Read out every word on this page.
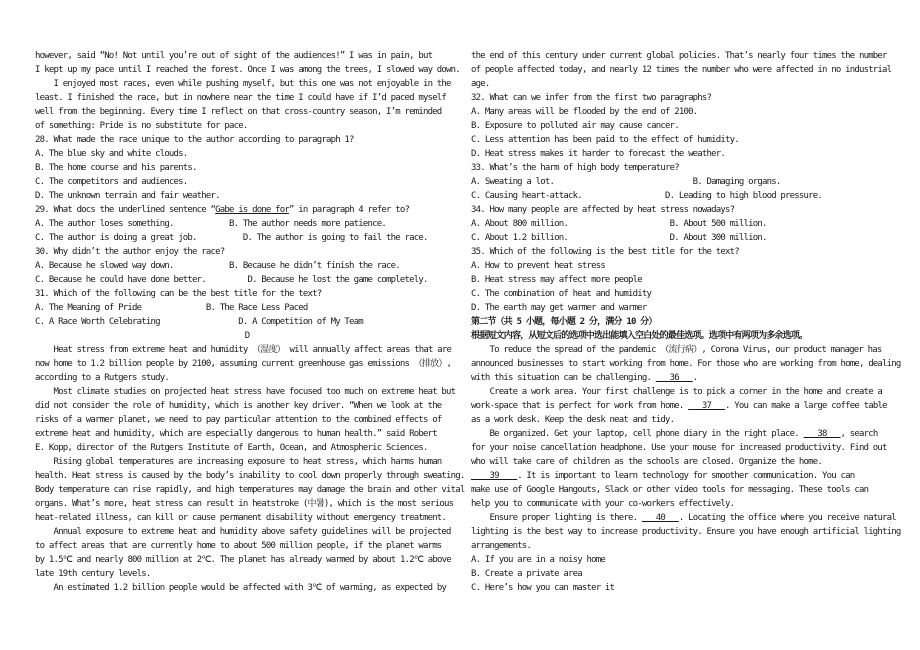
however, said “No! Not until you’re out of sight of the audiences!” I was in pain, but
I kept up my pace until I reached the forest. Once I was among the trees, I slowed way down.
I enjoyed most races, even while pushing myself, but this one was not enjoyable in the
least. I finished the race, but in nowhere near the time I could have if I’d paced myself
well from the beginning. Every time I reflect on that cross-country season, I’m reminded
of something: Pride is no substitute for pace.
28. What made the race unique to the author according to paragraph 1?
A. The blue sky and white clouds.
B. The home course and his parents.
C. The competitors and audiences.
D. The unknown terrain and fair weather.
29. What docs the underlined sentence “Gabe is done for” in paragraph 4 refer to?
A. The author loses something.            B. The author needs more patience.
C. The author is doing a great job.          D. The author is going to fail the race.
30. Why didn’t the author enjoy the race?
A. Because he slowed way down.            B. Because he didn’t finish the race.
C. Because he could have done better.         D. Because he lost the game completely.
31. Which of the following can be the best title for the text?
A. The Meaning of Pride              B. The Race Less Paced
C. A Race Worth Celebrating                 D. A Competition of My Team
D
Heat stress from extreme heat and humidity （湿度） will annually affect areas that are
now home to 1.2 billion people by 2100, assuming current greenhouse gas emissions （排放）,
according to a Rutgers study.
Most climate studies on projected heat stress have focused too much on extreme heat but
did not consider the role of humidity, which is another key driver. “When we look at the
risks of a warmer planet, we need to pay particular attention to the combined effects of
extreme heat and humidity, which are especially dangerous to human health.” said Robert
E. Kopp, director of the Rutgers Institute of Earth, Ocean, and Atmospheric Sciences.
Rising global temperatures are increasing exposure to heat stress, which harms human
health. Heat stress is caused by the body’s inability to cool down properly through sweating.
Body temperature can rise rapidly, and high temperatures may damage the brain and other vital
organs. What’s more, heat stress can result in heatstroke (中暑), which is the most serious
heat-related illness, can kill or cause permanent disability without emergency treatment.
Annual exposure to extreme heat and humidity above safety guidelines will be projected
to affect areas that are currently home to about 500 million people, if the planet warms
by 1.5℃ and nearly 800 million at 2℃. The planet has already warmed by about 1.2℃ above
late 19th century levels.
An estimated 1.2 billion people would be affected with 3℃ of warming, as expected by
the end of this century under current global policies. That’s nearly four times the number
of people affected today, and nearly 12 times the number who were affected in no industrial
age.
32. What can we infer from the first two paragraphs?
A. Many areas will be flooded by the end of 2100.
B. Exposure to polluted air may cause cancer.
C. Less attention has been paid to the effect of humidity.
D. Heat stress makes it harder to forecast the weather.
33. What’s the harm of high body temperature?
A. Sweating a lot.                              B. Damaging organs.
C. Causing heart-attack.                  D. Leading to high blood pressure.
34. How many people are affected by heat stress nowadays?
A. About 800 million.                      B. About 500 million.
C. About 1.2 billion.                      D. About 300 million.
35. Which of the following is the best title for the text?
A. How to prevent heat stress
B. Heat stress may affect more people
C. The combination of heat and humidity
D. The earth may get warmer and warmer
第二节（共 5 小题，每小题 2 分，满分 10 分）
根据短文内容，从短文后的选项中选出能填入空白处的最佳选项。选项中有两项为多余选项。
To reduce the spread of the pandemic （流行病）, Corona Virus, our product manager has
announced businesses to start working from home. For those who are working from home, dealing
with this situation can be challenging.    36   .
Create a work area. Your first challenge is to pick a corner in the home and create a
work-space that is perfect for work from home.    37   . You can make a large coffee table
as a work desk. Keep the desk neat and tidy.
Be organized. Get your laptop, cell phone diary in the right place.    38   , search
for your noise cancellation headphone. Use your mouse for increased productivity. Find out
who will take care of children as the schools are closed. Organize the home.
39    . It is important to learn technology for smoother communication. You can
make use of Google Hangouts, Slack or other video tools for messaging. These tools can
help you to communicate with your co-workers effectively.
Ensure proper lighting is there.    40   . Locating the office where you receive natural
lighting is the best way to increase productivity. Ensure you have enough artificial lighting
arrangements.
A. If you are in a noisy home
B. Create a private area
C. Here’s how you can master it
